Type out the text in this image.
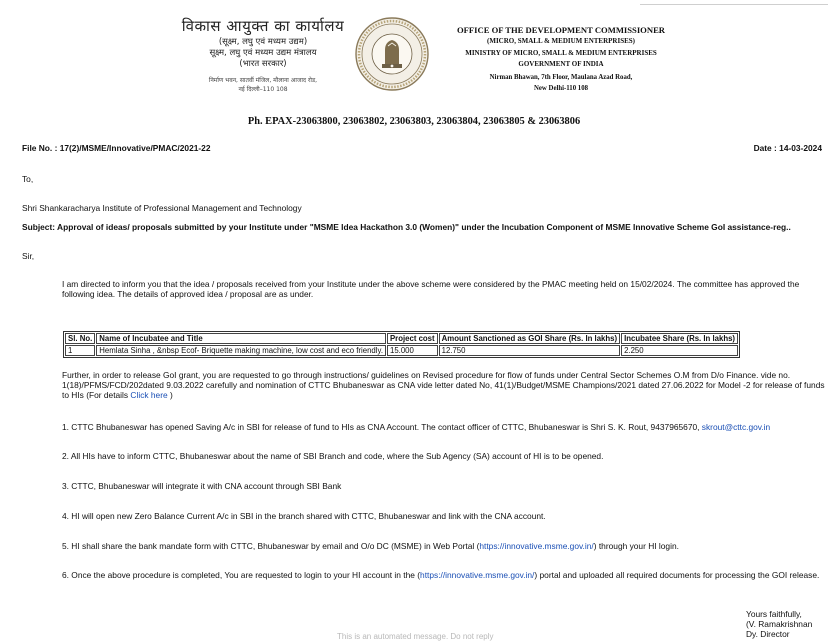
विकास आयुक्त का कार्यालय
(सूक्ष्म, लघु एवं मध्यम उद्यम)
सूक्ष्म, लघु एवं मध्यम उद्यम मंत्रालय
(भारत सरकार)
निर्माण भवन, सातवीं मंजिल, मौलाना आजाद रोड,
नई दिल्ली–110 108
OFFICE OF THE DEVELOPMENT COMMISSIONER
(MICRO, SMALL & MEDIUM ENTERPRISES)
MINISTRY OF MICRO, SMALL & MEDIUM ENTERPRISES
GOVERNMENT OF INDIA
Nirman Bhawan, 7th Floor, Maulana Azad Road,
New Delhi-110 108
Ph. EPAX-23063800, 23063802, 23063803, 23063804, 23063805 & 23063806
File No. : 17(2)/MSME/Innovative/PMAC/2021-22	Date : 14-03-2024
To,
Shri Shankaracharya Institute of Professional Management and Technology
Subject: Approval of ideas/ proposals submitted by your Institute under "MSME Idea Hackathon 3.0 (Women)" under the Incubation Component of MSME Innovative Scheme GoI assistance-reg..
Sir,
I am directed to inform you that the idea / proposals received from your Institute under the above scheme were considered by the PMAC meeting held on 15/02/2024. The committee has approved the following idea. The details of approved idea / proposal are as under.
Sl. No.	Name of Incubatee and Title	Project cost	Amount Sanctioned as GOI Share (Rs. In lakhs)	Incubatee Share (Rs. In lakhs)
1	Hemlata Sinha , &nbsp Ecof- Briquette making machine, low cost and eco friendly.	15.000	12.750	2.250
Further, in order to release GoI grant, you are requested to go through instructions/ guidelines on Revised procedure for flow of funds under Central Sector Schemes O.M from D/o Finance. vide no. 1(18)/PFMS/FCD/202dated 9.03.2022 carefully and nomination of CTTC Bhubaneswar as CNA vide letter dated No, 41(1)/Budget/MSME Champions/2021 dated 27.06.2022 for Model -2 for release of funds to HIs (For details Click here )
1. CTTC Bhubaneswar has opened Saving A/c in SBI for release of fund to HIs as CNA Account. The contact officer of CTTC, Bhubaneswar is Shri S. K. Rout, 9437965670, skrout@cttc.gov.in
2. All HIs have to inform CTTC, Bhubaneswar about the name of SBI Branch and code, where the Sub Agency (SA) account of HI is to be opened.
3. CTTC, Bhubaneswar will integrate it with CNA account through SBI Bank
4. HI will open new Zero Balance Current A/c in SBI in the branch shared with CTTC, Bhubaneswar and link with the CNA account.
5. HI shall share the bank mandate form with CTTC, Bhubaneswar by email and O/o DC (MSME) in Web Portal (https://innovative.msme.gov.in/) through your HI login.
6. Once the above procedure is completed, You are requested to login to your HI account in the (https://innovative.msme.gov.in/) portal and uploaded all required documents for processing the GOI release.
Yours faithfully,
(V. Ramakrishnan
Dy. Director
This is an automated message. Do not reply
